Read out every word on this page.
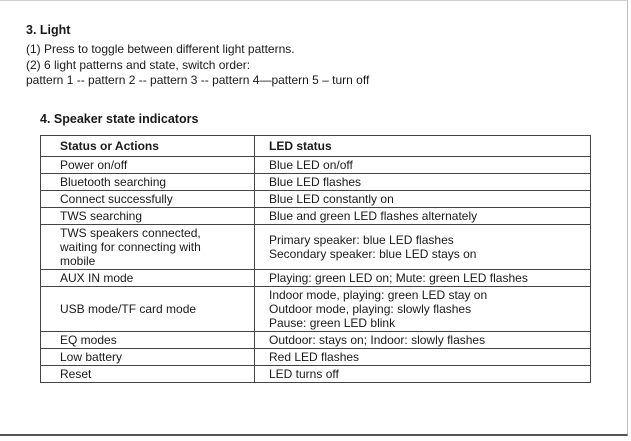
3. Light

(1) Press to toggle between different light patterns.

(2) 6 light patterns and state, switch order:

pattern 1 -- pattern 2 -- pattern 3 -- pattern 4—pattern 5 – turn off

4. Speaker state indicators
Status or Actions	LED status
Power on/off	Blue LED on/off
Bluetooth searching	Blue LED flashes
Connect successfully	Blue LED constantly on
TWS searching	Blue and green LED flashes alternately

TWS speakers connected,
waiting for connecting with
mobile	Primary speaker: blue LED flashes
Secondary speaker: blue LED stays on

AUX IN mode	Playing: green LED on; Mute: green LED flashes
USB mode/TF card mode	Indoor mode, playing: green LED stay on
Outdoor mode, playing: slowly flashes
Pause: green LED blink

EQ modes	Outdoor: stays on; Indoor: slowly flashes
Low battery	Red LED flashes
Reset	LED turns off
